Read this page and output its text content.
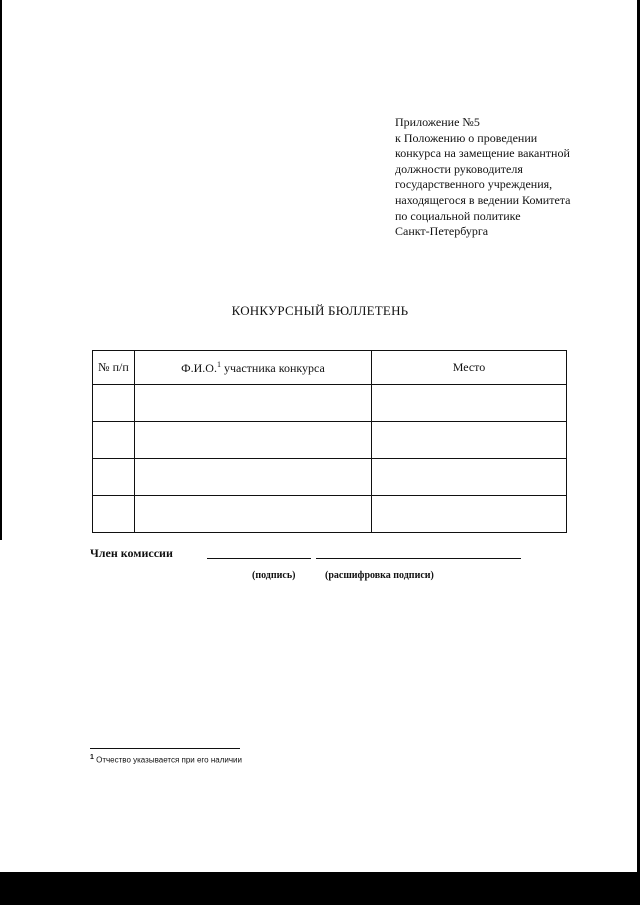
Приложение №5
к Положению о проведении
конкурса на замещение вакантной
должности руководителя
государственного учреждения,
находящегося в ведении Комитета
по социальной политике
Санкт-Петербурга
КОНКУРСНЫЙ БЮЛЛЕТЕНЬ
№ п/п	Ф.И.О.$^1$ участника конкурса	Место

Член комиссии
(подпись)	(расшифровка подписи)
$^1$ Отчество указывается при его наличии
